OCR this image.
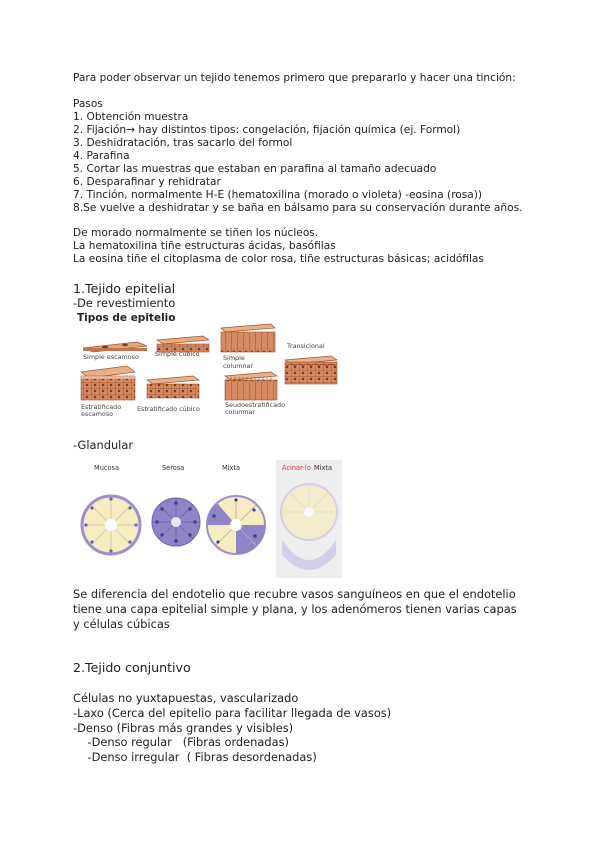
Para poder observar un tejido tenemos primero que prepararlo y hacer una tinción:
Pasos
1. Obtención muestra
2. Fijación→ hay distintos tipos: congelación, fijación química (ej. Formol)
3. Deshidratación, tras sacarlo del formol
4. Parafina
5. Cortar las muestras que estaban en parafina al tamaño adecuado
6. Desparafinar y rehidratar
7. Tinción, normalmente H-E (hematoxilina (morado o violeta) -eosina (rosa))
8.Se vuelve a deshidratar y se baña en bálsamo para su conservación durante años.
De morado normalmente se tiñen los núcleos.
La hematoxilina tiñe estructuras ácidas, basófilas
La eosina tiñe el citoplasma de color rosa, tiñe estructuras básicas; acidófilas
1.Tejido epitelial
-De revestimiento
Tipos de epitelio
Simple escamoso	Simple cúbico	Simple
columnar
Transicional
Estratificado
escamoso
Estratificado cúbico	Seudoestratificado
columnar
-Glandular
Mucosa	Serosa	Mixta	Acinar·lo Mixta
Se diferencia del endotelio que recubre vasos sanguíneos en que el endotelio
tiene una capa epitelial simple y plana, y los adenómeros tienen varias capas
y células cúbicas
2.Tejido conjuntivo
Células no yuxtapuestas, vascularizado
-Laxo (Cerca del epitelio para facilitar llegada de vasos)
-Denso (Fibras más grandes y visibles)
-Denso regular   (Fibras ordenadas)
-Denso irregular  ( Fibras desordenadas)
